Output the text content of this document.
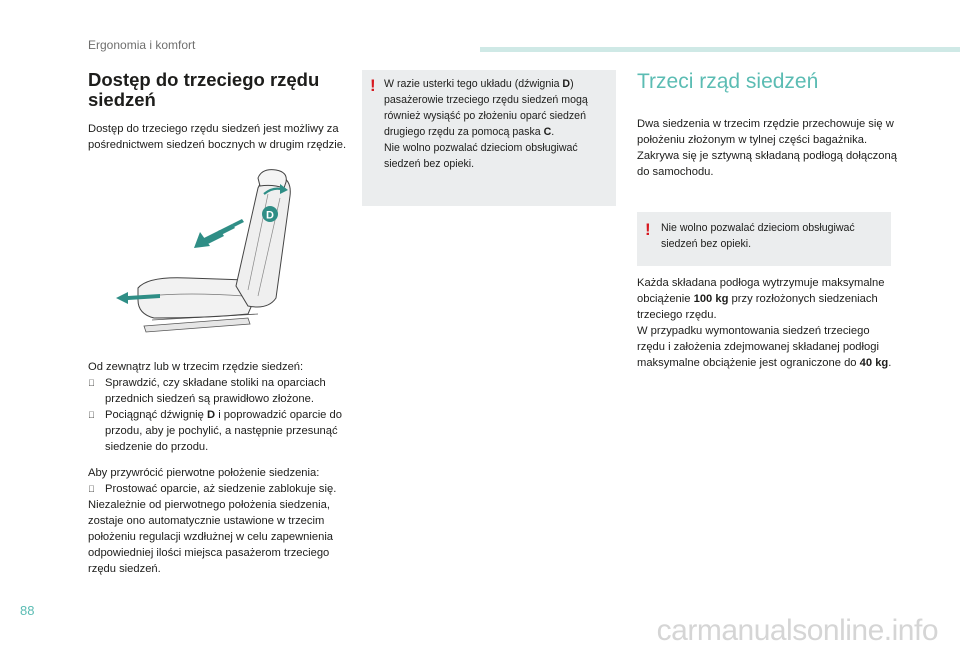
Ergonomia i komfort
Dostęp do trzeciego rzędu siedzeń

Dostęp do trzeciego rzędu siedzeń jest możliwy za pośrednictwem siedzeń bocznych w drugim rzędzie.

D

Od zewnątrz lub w trzecim rzędzie siedzeń:

Sprawdzić, czy składane stoliki na oparciach przednich siedzeń są prawidłowo złożone.
Pociągnąć dźwignię D i poprowadzić oparcie do przodu, aby je pochylić, a następnie przesunąć siedzenie do przodu.

Aby przywrócić pierwotne położenie siedzenia:

Prostować oparcie, aż siedzenie zablokuje się.

Niezależnie od pierwotnego położenia siedzenia, zostaje ono automatycznie ustawione w trzecim położeniu regulacji wzdłużnej w celu zapewnienia odpowiedniej ilości miejsca pasażerom trzeciego rzędu siedzeń.

! W razie usterki tego układu (dźwignia D) pasażerowie trzeciego rzędu siedzeń mogą również wysiąść po złożeniu oparć siedzeń drugiego rzędu za pomocą paska C.
Nie wolno pozwalać dzieciom obsługiwać siedzeń bez opieki.
Trzeci rząd siedzeń

Dwa siedzenia w trzecim rzędzie przechowuje się w położeniu złożonym w tylnej części bagażnika. Zakrywa się je sztywną składaną podłogą dołączoną do samochodu.

! Nie wolno pozwalać dzieciom obsługiwać siedzeń bez opieki.

Każda składana podłoga wytrzymuje maksymalne obciążenie 100 kg przy rozłożonych siedzeniach trzeciego rzędu.

W przypadku wymontowania siedzeń trzeciego rzędu i założenia zdejmowanej składanej podłogi maksymalne obciążenie jest ograniczone do 40 kg.

88
carmanualsonline.info
